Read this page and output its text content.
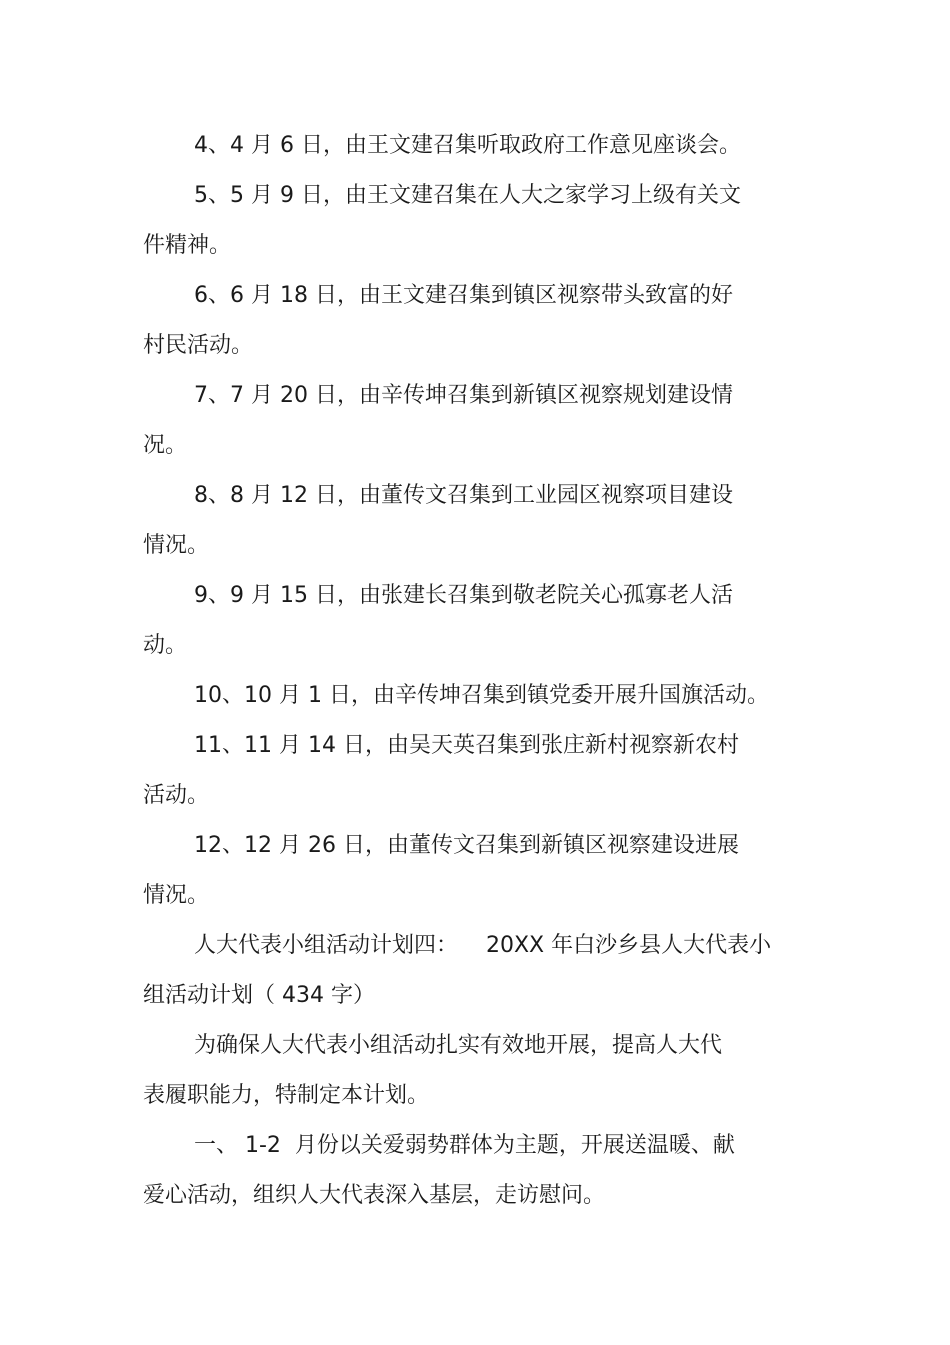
4、4 月 6 日，由王文建召集听取政府工作意见座谈会。
5、5 月 9 日，由王文建召集在人大之家学习上级有关文
件精神。
6、6 月 18 日，由王文建召集到镇区视察带头致富的好
村民活动。
7、7 月 20 日，由辛传坤召集到新镇区视察规划建设情
况。
8、8 月 12 日，由董传文召集到工业园区视察项目建设
情况。
9、9 月 15 日，由张建长召集到敬老院关心孤寡老人活
动。
10、10 月 1 日，由辛传坤召集到镇党委开展升国旗活动。
11、11 月 14 日，由吴天英召集到张庄新村视察新农村
活动。
12、12 月 26 日，由董传文召集到新镇区视察建设进展
情况。
人大代表小组活动计划四：    20XX 年白沙乡县人大代表小
组活动计划（ 434 字）
为确保人大代表小组活动扎实有效地开展，提高人大代
表履职能力，特制定本计划。
一、 1-2  月份以关爱弱势群体为主题，开展送温暖、献
爱心活动，组织人大代表深入基层，走访慰问。
